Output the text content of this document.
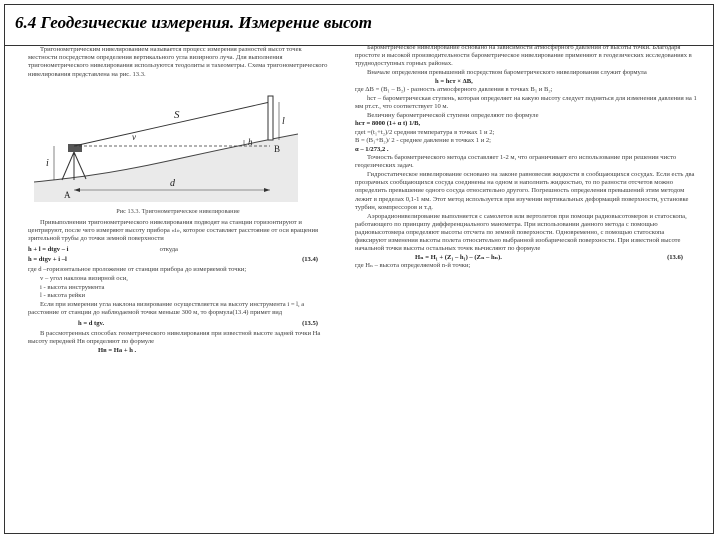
6.4 Геодезические измерения. Измерение высот
Тригонометрическим нивелированием называется процесс измерения разностей высот точек местности посредством определения вертикального угла визирного луча. Для выполнения тригонометрического нивелирования используются теодолиты и тахеометры. Схема тригонометрического нивелирования представлена на рис. 13.3.
S
v	h
l
i
d
A
B
Рис 13.3. Тригонометрическое нивелирование
Привыполнении тригонометрического нивелирования подводят на станции горизонтируют и центрируют, после чего измеряют высоту прибора «i», которое составляет расстояние от оси вращения зрительной трубы до точки земной поверхности
h + l = dtgv – i	откуда
h = dtgv + i –l	(13.4)
где d –горизонтальное проложение от станции прибора до измеряемой точки;
v – угол наклона визирной оси,
i - высота инструмента
l - высота рейки
Если при измерении угла наклона визирование осуществляется на высоту инструмента i = l, а расстояние от станции до наблюдаемой точки меньше 300 м, то формула(13.4) примет вид
h = d tgv.	(13.5)
В рассмотренных способах геометрического нивелирования при известной высоте задней точки На высоту передней Нв определяют по формуле
Нв = На + h .
Барометрическое нивелирование основано на зависимости атмосферного давления от высоты точки. Благодаря простоте и высокой производительности барометрическое нивелирование применяют в геодезических исследованиях в труднодоступных горных районах.
Вначале определения превышений посредством барометрического нивелирования служит формула
h = hст × ΔB,
где ΔB = (B₁ – B₂) - разность атмосферного давления в точках B₁ и B₂;
hст – барометрическая ступень, которая определяет на какую высоту следует подняться для изменения давления на 1 мм рт.ст., что соответствует 10 м.
Величину барометрической ступени определяют по формуле
hст = 8000 (1+ α t) 1/B,
гдеt =(t₁+t₂)/2 средняя температура в точках 1 и 2;
B = (B₁+B₂)/ 2 - среднее давление в точках 1 и 2;
α – 1/273,2 .
Точность барометрического метода составляет 1-2 м, что ограничивает его использование при решении чисто геодезических задач.
Гидростатическое нивелирование основано на законе равновесия жидкости в сообщающихся сосудах. Если есть два прозрачных сообщающихся сосуда соединены на одном и наполнить жидкостью, то по разности отсчетов можно определить превышение одного сосуда относительно другого. Погрешность определения превышений этим методом лежит в пределах 0,1-1 мм. Этот метод используется при изучении вертикальных деформаций поверхности, установке турбин, компрессоров и т.д.
Аэрорадионивелирование выполняется с самолетов или вертолетов при помощи радиовысотомеров и статоскопа, работающего по принципу дифференциального манометра. При использовании данного метода с помощью радиовысотомера определяют высоты отсчета по земной поверхности. Одновременно, с помощью статоскопа фиксируют изменения высоты полета относительно выбранной изобарической поверхности. При известной высоте начальной точки высоты остальных точек вычисляют по формуле
Hₙ = H₁ + (Z₁ – h₁) – (Zₙ – hₙ).	(13.6)
где Hₙ – высота определяемой n-й точки;
